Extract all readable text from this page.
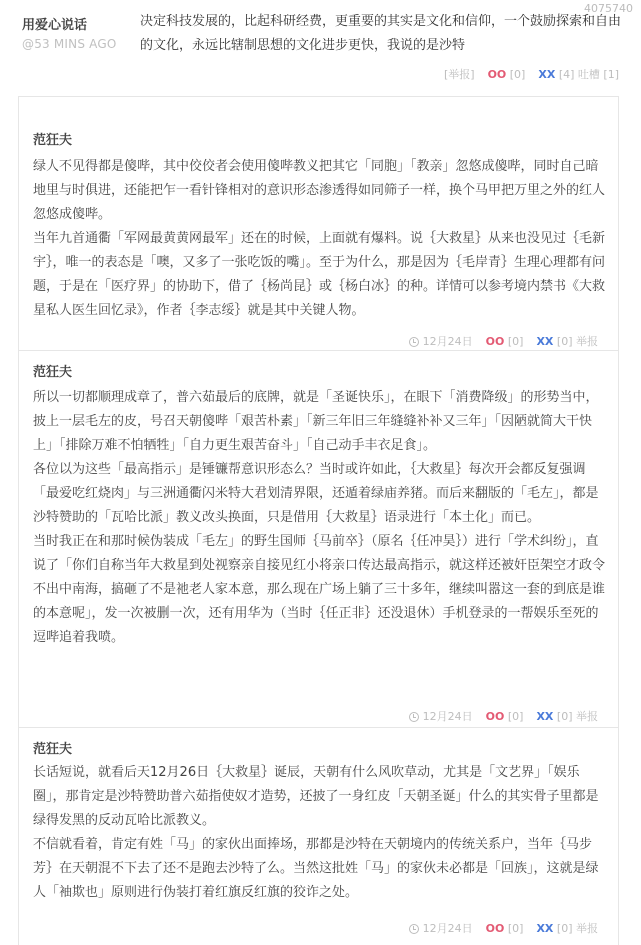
4075740
用爱心说话
@53 MINS AGO
决定科技发展的，比起科研经费，更重要的其实是文化和信仰，一个鼓励探索和自由的文化，永远比辖制思想的文化进步更快，我说的是沙特
[举报] OO [0] XX [4] 吐槽 [1]
范狂夫

绿人不见得都是傻哔，其中佼佼者会使用傻哔教义把其它「同胞」「教亲」忽悠成傻哔，同时自己暗地里与时俱进，还能把乍一看针锋相对的意识形态渗透得如同筛子一样，换个马甲把万里之外的红人忽悠成傻哔。

当年九首通衢「军网最黄黄网最军」还在的时候，上面就有爆料。说｛大救星｝从来也没见过｛毛新宇｝，唯一的表态是「噢，又多了一张吃饭的嘴」。至于为什么，那是因为｛毛岸青｝生理心理都有问题，于是在「医疗界」的协助下，借了｛杨尚昆｝或｛杨白冰｝的种。详情可以参考境内禁书《大救星私人医生回忆录》，作者｛李志绥｝就是其中关键人物。

12月24日 OO [0] XX [0] 举报
范狂夫

所以一切都顺理成章了，普六茹最后的底牌，就是「圣诞快乐」，在眼下「消费降级」的形势当中，披上一层毛左的皮，号召天朝傻哔「艰苦朴素」「新三年旧三年缝缝补补又三年」「因陋就简大干快上」「排除万难不怕牺牲」「自力更生艰苦奋斗」「自己动手丰衣足食」。

各位以为这些「最高指示」是锤镰帮意识形态么？当时或许如此，｛大救星｝每次开会都反复强调「最爱吃红烧肉」与三洲通衢闪米特大君划清界限，还遁着绿庙养猪。而后来翻版的「毛左」，都是沙特赞助的「瓦哈比派」教义改头换面，只是借用｛大救星｝语录进行「本土化」而已。

当时我正在和那时候伪装成「毛左」的野生国师｛马前卒｝（原名｛任冲昊｝）进行「学术纠纷」，直说了「你们自称当年大救星到处视察亲自接见红小将亲口传达最高指示，就这样还被奸臣架空才政令不出中南海，搞砸了不是祂老人家本意，那么现在广场上躺了三十多年，继续叫嚣这一套的到底是谁的本意呢」，发一次被删一次，还有用华为（当时｛任正非｝还没退休）手机登录的一帮娱乐至死的逗哔追着我喷。

12月24日 OO [0] XX [0] 举报
范狂夫

长话短说，就看后天12月26日｛大救星｝诞辰，天朝有什么风吹草动，尤其是「文艺界」「娱乐圈」，那肯定是沙特赞助普六茹指使奴才造势，还披了一身红皮「天朝圣诞」什么的其实骨子里都是绿得发黑的反动瓦哈比派教义。

不信就看着，肯定有姓「马」的家伙出面捧场，那都是沙特在天朝境内的传统关系户，当年｛马步芳｝在天朝混不下去了还不是跑去沙特了么。当然这批姓「马」的家伙未必都是「回族」，这就是绿人「袖欺也」原则进行伪装打着红旗反红旗的狡诈之处。

12月24日 OO [0] XX [0] 举报
